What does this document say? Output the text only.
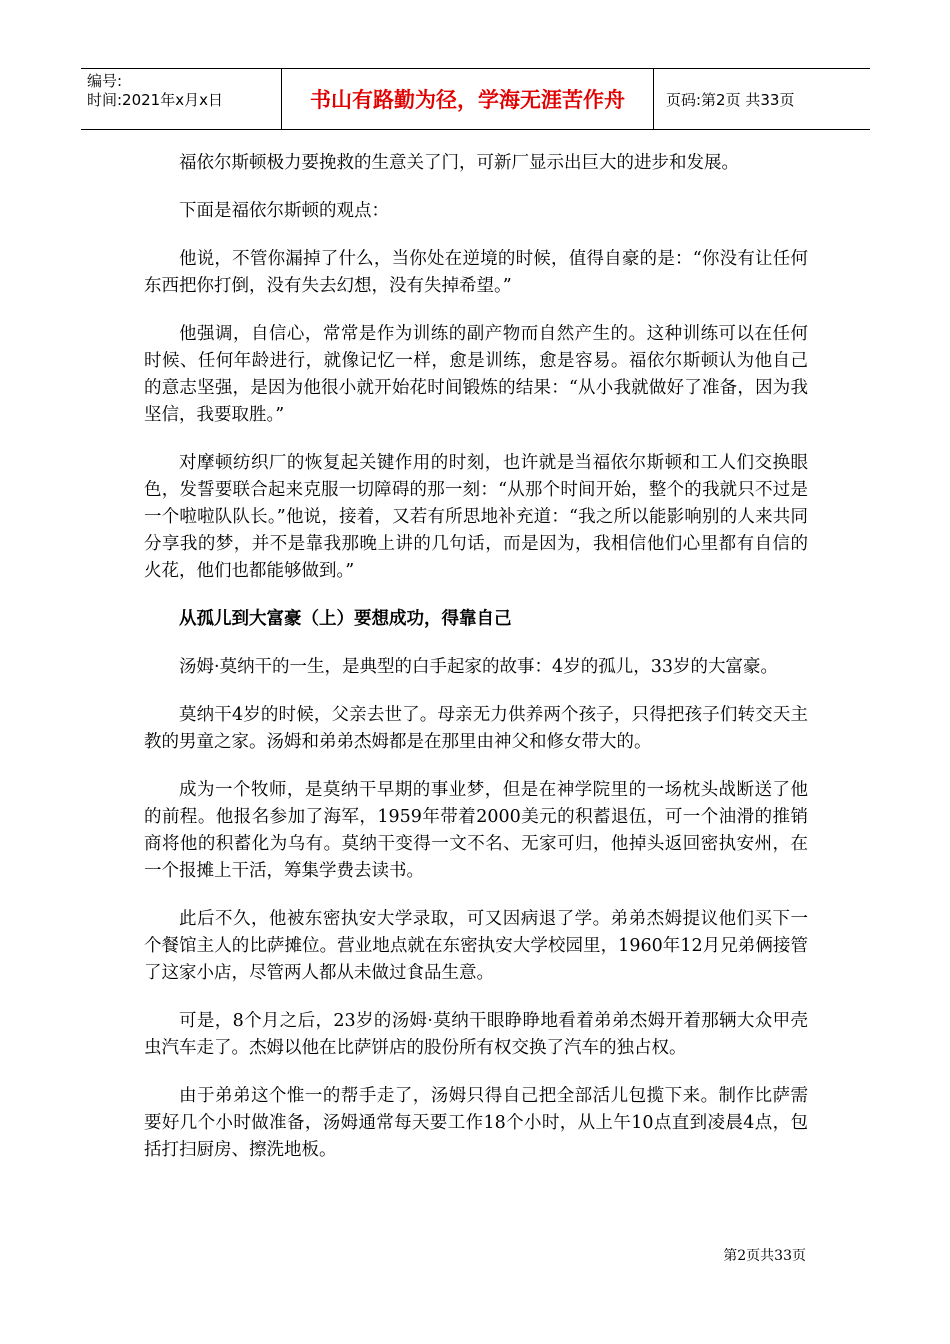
编号:
时间:2021年x月x日	书山有路勤为径，学海无涯苦作舟	页码:第2页 共33页

福依尔斯顿极力要挽救的生意关了门，可新厂显示出巨大的进步和发展。

下面是福依尔斯顿的观点：

他说，不管你漏掉了什么，当你处在逆境的时候，值得自豪的是：“你没有让任何东西把你打倒，没有失去幻想，没有失掉希望。”

他强调，自信心，常常是作为训练的副产物而自然产生的。这种训练可以在任何时候、任何年龄进行，就像记忆一样，愈是训练，愈是容易。福依尔斯顿认为他自己的意志坚强，是因为他很小就开始花时间锻炼的结果：“从小我就做好了准备，因为我坚信，我要取胜。”

对摩顿纺织厂的恢复起关键作用的时刻，也许就是当福依尔斯顿和工人们交换眼色，发誓要联合起来克服一切障碍的那一刻：“从那个时间开始，整个的我就只不过是一个啦啦队队长。”他说，接着，又若有所思地补充道：“我之所以能影响别的人来共同分享我的梦，并不是靠我那晚上讲的几句话，而是因为，我相信他们心里都有自信的火花，他们也都能够做到。”

从孤儿到大富豪（上）要想成功，得靠自己

汤姆·莫纳干的一生，是典型的白手起家的故事：4岁的孤儿，33岁的大富豪。

莫纳干4岁的时候，父亲去世了。母亲无力供养两个孩子，只得把孩子们转交天主教的男童之家。汤姆和弟弟杰姆都是在那里由神父和修女带大的。

成为一个牧师，是莫纳干早期的事业梦，但是在神学院里的一场枕头战断送了他的前程。他报名参加了海军，1959年带着2000美元的积蓄退伍，可一个油滑的推销商将他的积蓄化为乌有。莫纳干变得一文不名、无家可归，他掉头返回密执安州，在一个报摊上干活，筹集学费去读书。

此后不久，他被东密执安大学录取，可又因病退了学。弟弟杰姆提议他们买下一个餐馆主人的比萨摊位。营业地点就在东密执安大学校园里，1960年12月兄弟俩接管了这家小店，尽管两人都从未做过食品生意。

可是，8个月之后，23岁的汤姆·莫纳干眼睁睁地看着弟弟杰姆开着那辆大众甲壳虫汽车走了。杰姆以他在比萨饼店的股份所有权交换了汽车的独占权。

由于弟弟这个惟一的帮手走了，汤姆只得自己把全部活儿包揽下来。制作比萨需要好几个小时做准备，汤姆通常每天要工作18个小时，从上午10点直到凌晨4点，包括打扫厨房、擦洗地板。

第2页共33页
